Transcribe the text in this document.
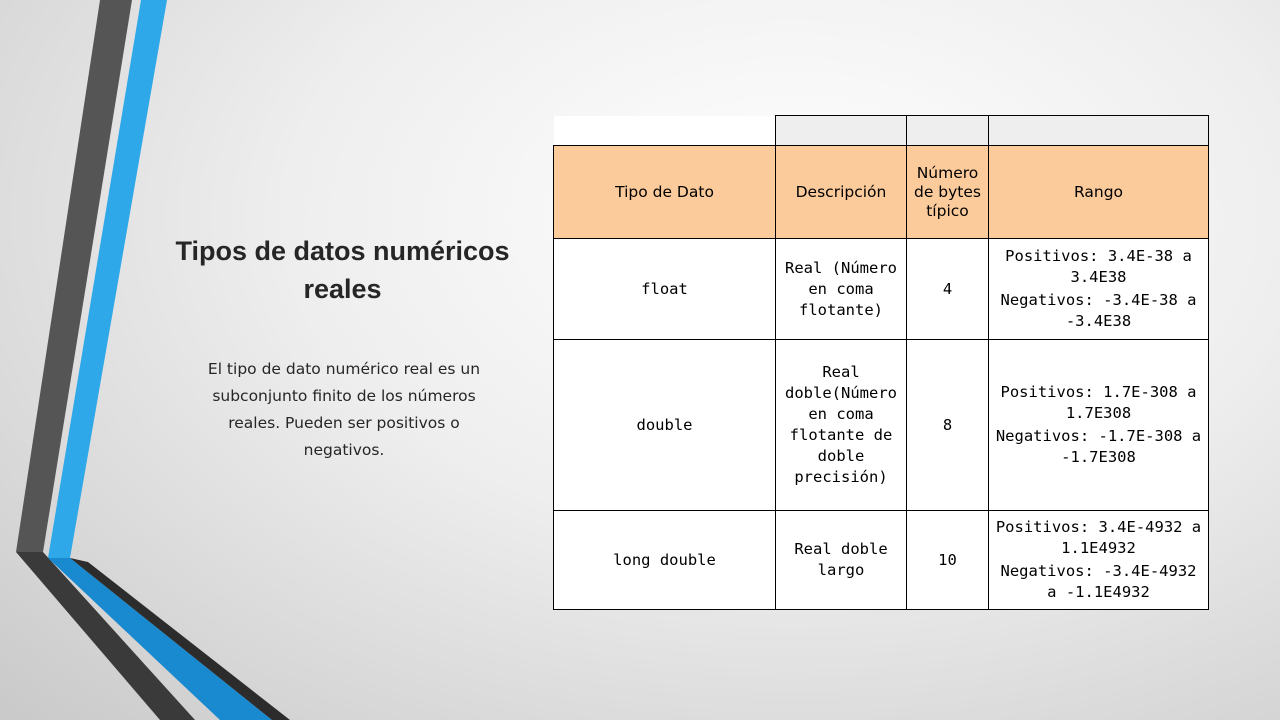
Tipos de datos numéricos reales
El tipo de dato numérico real es un subconjunto finito de los números reales. Pueden ser positivos o negativos.

Tipo de Dato	Descripción	Número de bytes típico	Rango
float	Real (Número en coma flotante)	4	Positivos: 3.4E-38 a 3.4E38

Negativos: -3.4E-38 a -3.4E38

double	Real doble(Número en coma flotante de doble precisión)	8	Positivos: 1.7E-308 a 1.7E308

Negativos: -1.7E-308 a -1.7E308

long double	Real doble largo	10	Positivos: 3.4E-4932 a 1.1E4932

Negativos: -3.4E-4932 a -1.1E4932
